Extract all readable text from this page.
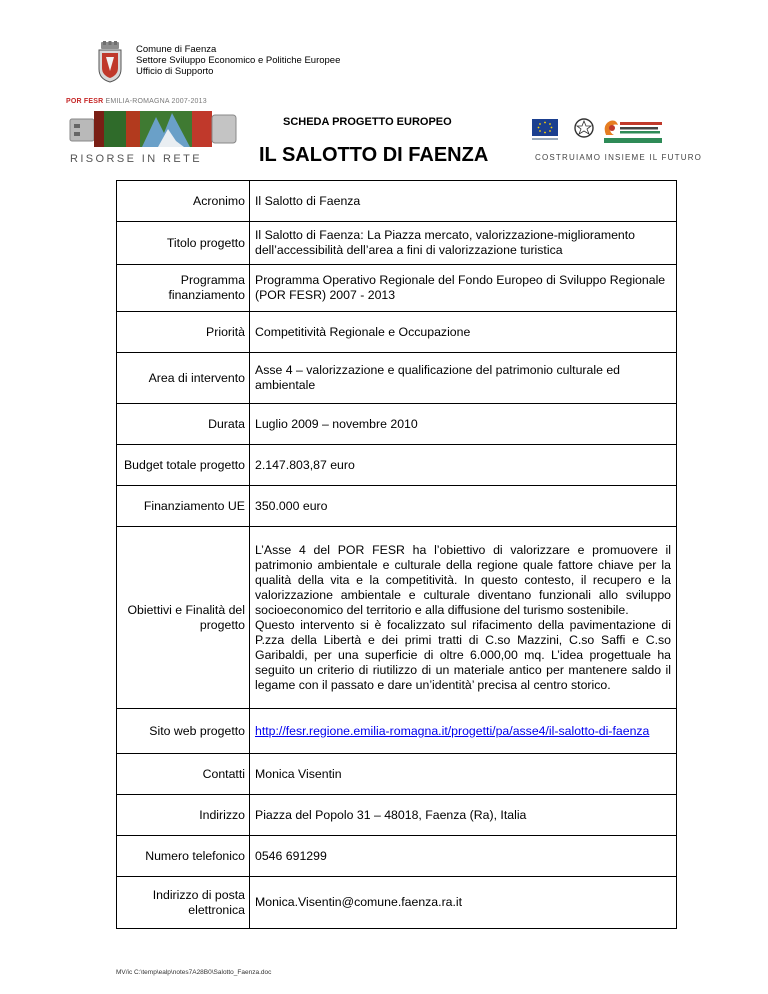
Comune di Faenza
Settore Sviluppo Economico e Politiche Europee
Ufficio di Supporto
POR FESR EMILIA-ROMAGNA 2007-2013
RISORSE IN RETE
SCHEDA PROGETTO EUROPEO
IL SALOTTO DI FAENZA	COSTRUIAMO INSIEME IL FUTURO
Acronimo	Il Salotto di Faenza
Titolo progetto	Il Salotto di Faenza: La Piazza mercato, valorizzazione-miglioramento dell’accessibilità dell’area a fini di valorizzazione turistica
Programma finanziamento	Programma Operativo Regionale del Fondo Europeo di Sviluppo Regionale (POR FESR) 2007 - 2013
Priorità	Competitività Regionale e Occupazione
Area di intervento	Asse 4 – valorizzazione e qualificazione del patrimonio culturale ed ambientale
Durata	Luglio 2009 – novembre 2010
Budget totale progetto	2.147.803,87 euro
Finanziamento UE	350.000 euro
Obiettivi e Finalità del progetto	L’Asse 4 del POR FESR ha l’obiettivo di valorizzare e promuovere il patrimonio ambientale e culturale della regione quale fattore chiave per la qualità della vita e la competitività. In questo contesto, il recupero e la valorizzazione ambientale e culturale diventano funzionali allo sviluppo socioeconomico del territorio e alla diffusione del turismo sostenibile.
Questo intervento si è focalizzato sul rifacimento della pavimentazione di P.zza della Libertà e dei primi tratti di C.so Mazzini, C.so Saffi e C.so Garibaldi, per una superficie di oltre 6.000,00 mq. L’idea progettuale ha seguito un criterio di riutilizzo di un materiale antico per mantenere saldo il legame con il passato e dare un’identità’ precisa al centro storico.

Sito web progetto	http://fesr.regione.emilia-romagna.it/progetti/pa/asse4/il-salotto-di-faenza
Contatti	Monica Visentin
Indirizzo	Piazza del Popolo 31 – 48018, Faenza (Ra), Italia
Numero telefonico	0546 691299
Indirizzo di posta elettronica	Monica.Visentin@comune.faenza.ra.it
MV/ic C:\temp\ealp\notes7A28B0\Salotto_Faenza.doc
